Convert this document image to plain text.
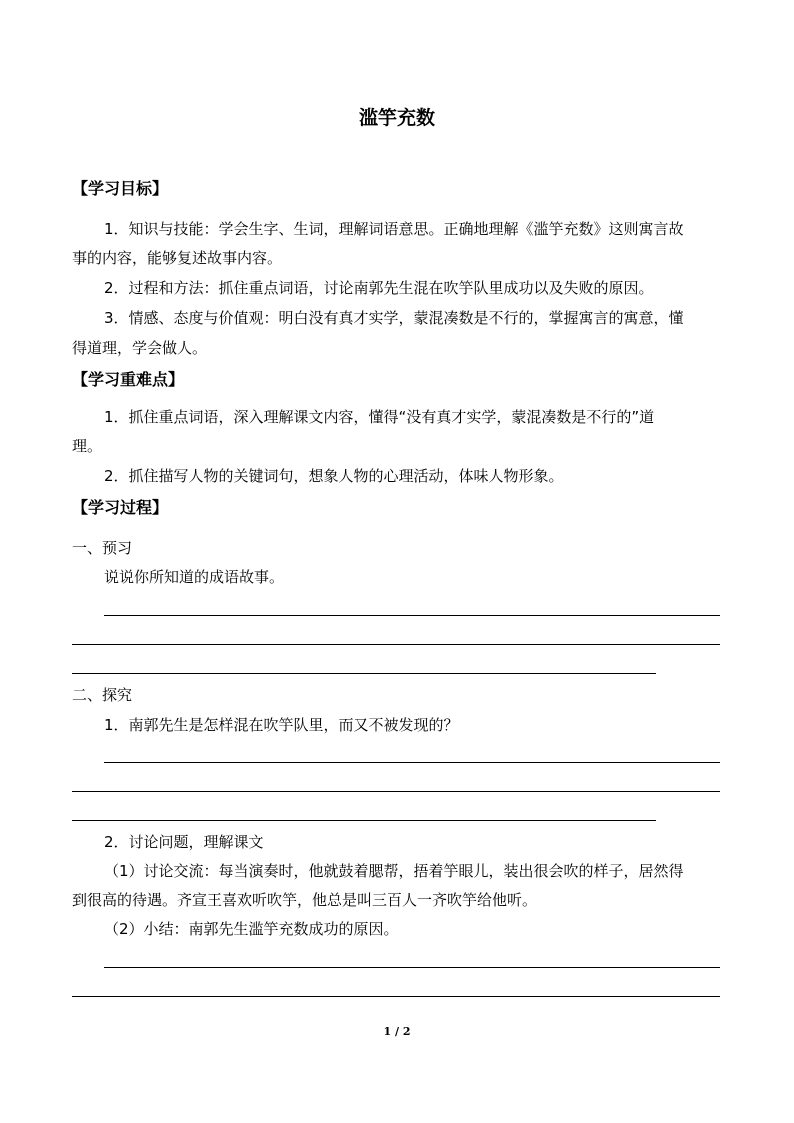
滥竽充数
【学习目标】
1．知识与技能：学会生字、生词，理解词语意思。正确地理解《滥竽充数》这则寓言故
事的内容，能够复述故事内容。
2．过程和方法：抓住重点词语，讨论南郭先生混在吹竽队里成功以及失败的原因。
3．情感、态度与价值观：明白没有真才实学，蒙混凑数是不行的，掌握寓言的寓意，懂
得道理，学会做人。
【学习重难点】
1．抓住重点词语，深入理解课文内容，懂得“没有真才实学，蒙混凑数是不行的”道
理。
2．抓住描写人物的关键词句，想象人物的心理活动，体味人物形象。
【学习过程】
一、预习
说说你所知道的成语故事。
二、探究
1．南郭先生是怎样混在吹竽队里，而又不被发现的？
2．讨论问题，理解课文
（1）讨论交流：每当演奏时，他就鼓着腮帮，捂着竽眼儿，装出很会吹的样子，居然得
到很高的待遇。齐宣王喜欢听吹竽，他总是叫三百人一齐吹竽给他听。
（2）小结：南郭先生滥竽充数成功的原因。
1 / 2
